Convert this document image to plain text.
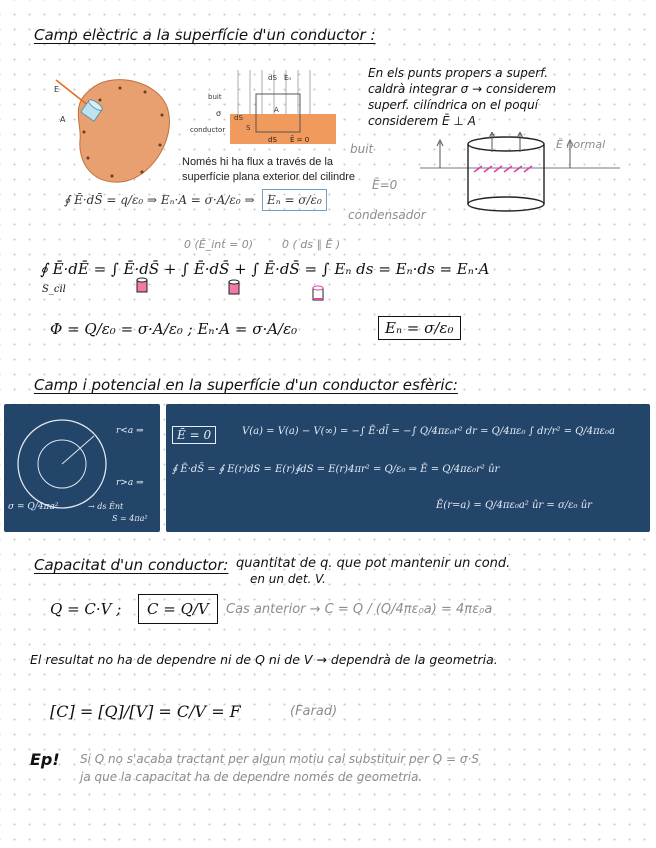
Camp elèctric a la superfície d'un conductor :
E
A
buit
σ
conductor
dS Eₙ
dS
A
S
dS Ē = 0
Només hi ha flux a través de la
superfície plana exterior del cilindre
∮ Ē·dS̄ = q/ε₀ ⇒ Eₙ·A = σ·A/ε₀ ⇒	Eₙ = σ/ε₀
En els punts propers a superf.
caldrà integrar σ → considerem
superf. cilíndrica on el poquí
considerem Ē ⊥ A
Ē normal
buit
Ē=0
condensador
0 (Ē_int = 0)	0 ( ds ∥ Ē )
∮ Ē·dĒ = ∫ Ē·dS̄ + ∫ Ē·dS̄ + ∫ Ē·dS̄ = ∫ Eₙ ds = Eₙ·ds = Eₙ·A
S_cil
Φ = Q/ε₀ = σ·A/ε₀ ; Eₙ·A = σ·A/ε₀	Eₙ = σ/ε₀
Camp i potencial en la superfície d'un conductor esfèric:
r<a ⇒
r>a ⇒
σ = Q/4πa²
S = 4πa²
→ ds Ēnt
Ē = 0	V(a) = V(a) − V(∞) = −∫ Ē·dl̄ = −∫ Q/4πε₀r² dr = Q/4πε₀ ∫ dr/r² = Q/4πε₀a
∮ Ē·dS̄ = ∮ E(r)dS = E(r)∮dS = E(r)4πr² = Q/ε₀ ⇒ Ē = Q/4πε₀r² ûr
Ē(r=a) = Q/4πε₀a² ûr = σ/ε₀ ûr
Capacitat d'un conductor: quantitat de q. que pot mantenir un cond.
en un det. V.
Q = C·V ;	C = Q/V	Cas anterior → C = Q / (Q/4πε₀a) = 4πε₀a
El resultat no ha de dependre ni de Q ni de V → dependrà de la geometria.
[C] = [Q]/[V] = C/V = F	(Farad)
Ep! Si Q no s'acaba tractant per algun motiu cal substituir per Q = σ·S
ja que la capacitat ha de dependre només de geometria.
